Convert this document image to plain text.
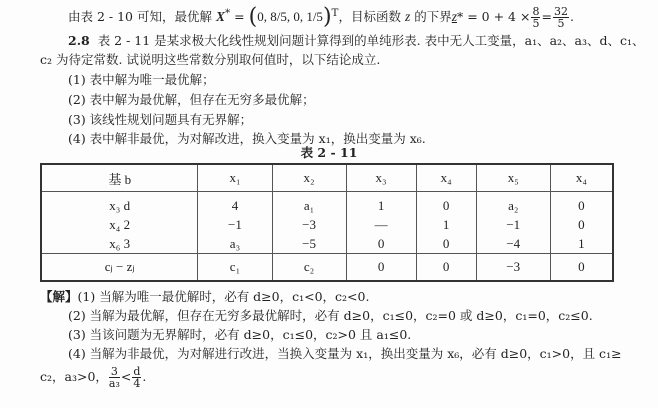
由表 2 - 10 可知，最优解 X* = (0, 8/5, 0, 1/5)$^T$，目标函数 z 的下界$z* = 0 + 4 \times \frac{8}{5} = \frac{32}{5}$ .
2.8 表 2 - 11 是某求极大化线性规划问题计算得到的单纯形表. 表中无人工变量，a₁、a₂、a₃、d、c₁、
c₂ 为待定常数. 试说明这些常数分别取何值时，以下结论成立.
(1) 表中解为唯一最优解；
(2) 表中解为最优解，但存在无穷多最优解；
(3) 该线性规划问题具有无界解；
(4) 表中解非最优，为对解改进，换入变量为 x₁，换出变量为 x₆.
表 2 - 11
基 b	x₁	x₂	x₃	x₄	x₅	x₄
x₃ d	4	a₁	1	0	a₂	0
x₄ 2	−1	−3	—	1	−1	0
x₆ 3	a₃	−5	0	0	−4	1
cⱼ − zⱼ	c₁	c₂	0	0	−3	0
【解】(1) 当解为唯一最优解时，必有 d≥0，c₁<0，c₂<0.
(2) 当解为最优解，但存在无穷多最优解时，必有 d≥0，c₁≤0，c₂=0 或 d≥0，c₁=0，c₂≤0.
(3) 当该问题为无界解时，必有 d≥0，c₁≤0，c₂>0 且 a₁≤0.
(4) 当解为非最优，为对解进行改进，当换入变量为 x₁，换出变量为 x₆，必有 d≥0，c₁>0，且 c₁≥
c₂，a₃>0， $\frac{3}{\text{a₃}} < \frac{d}{4}$ .
